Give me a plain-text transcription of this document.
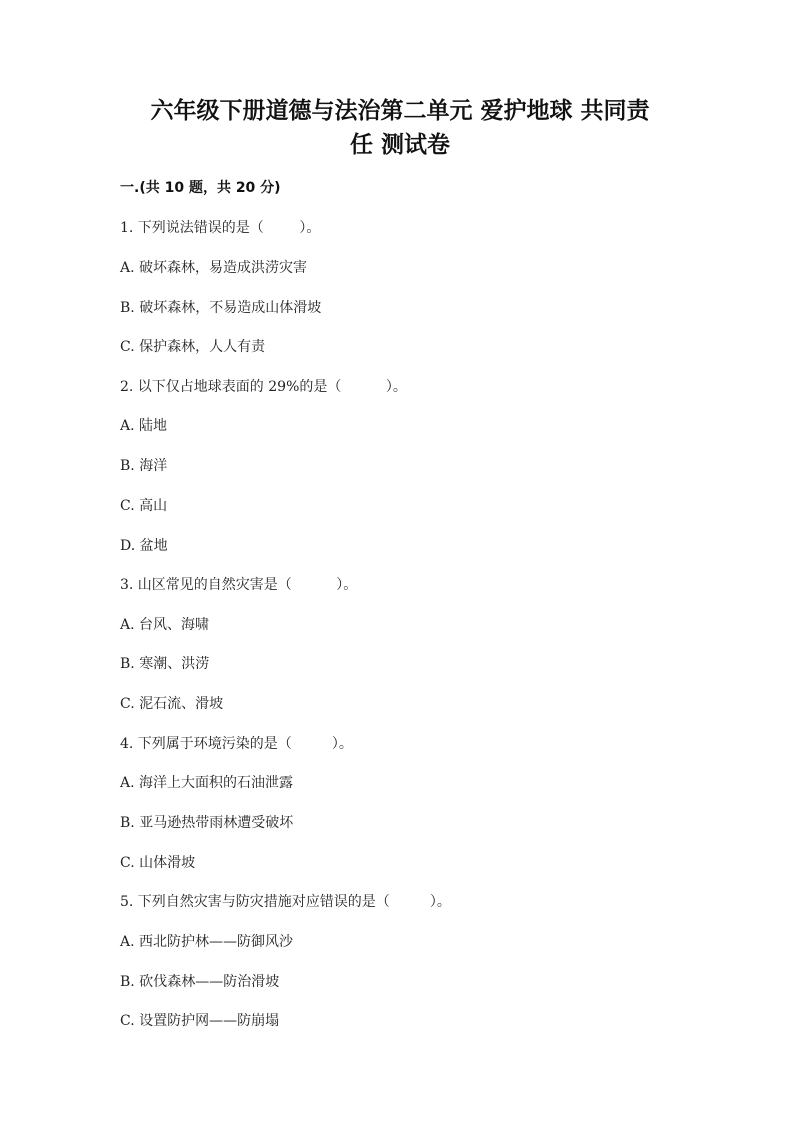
六年级下册道德与法治第二单元 爱护地球 共同责
任 测试卷
一.(共 10 题，共 20 分)
1. 下列说法错误的是（        ）。
A. 破坏森林，易造成洪涝灾害
B. 破坏森林，不易造成山体滑坡
C. 保护森林，人人有责
2. 以下仅占地球表面的 29%的是（          ）。
A. 陆地
B. 海洋
C. 高山
D. 盆地
3. 山区常见的自然灾害是（          ）。
A. 台风、海啸
B. 寒潮、洪涝
C. 泥石流、滑坡
4. 下列属于环境污染的是（         ）。
A. 海洋上大面积的石油泄露
B. 亚马逊热带雨林遭受破坏
C. 山体滑坡
5. 下列自然灾害与防灾措施对应错误的是（         ）。
A. 西北防护林——防御风沙
B. 砍伐森林——防治滑坡
C. 设置防护网——防崩塌
